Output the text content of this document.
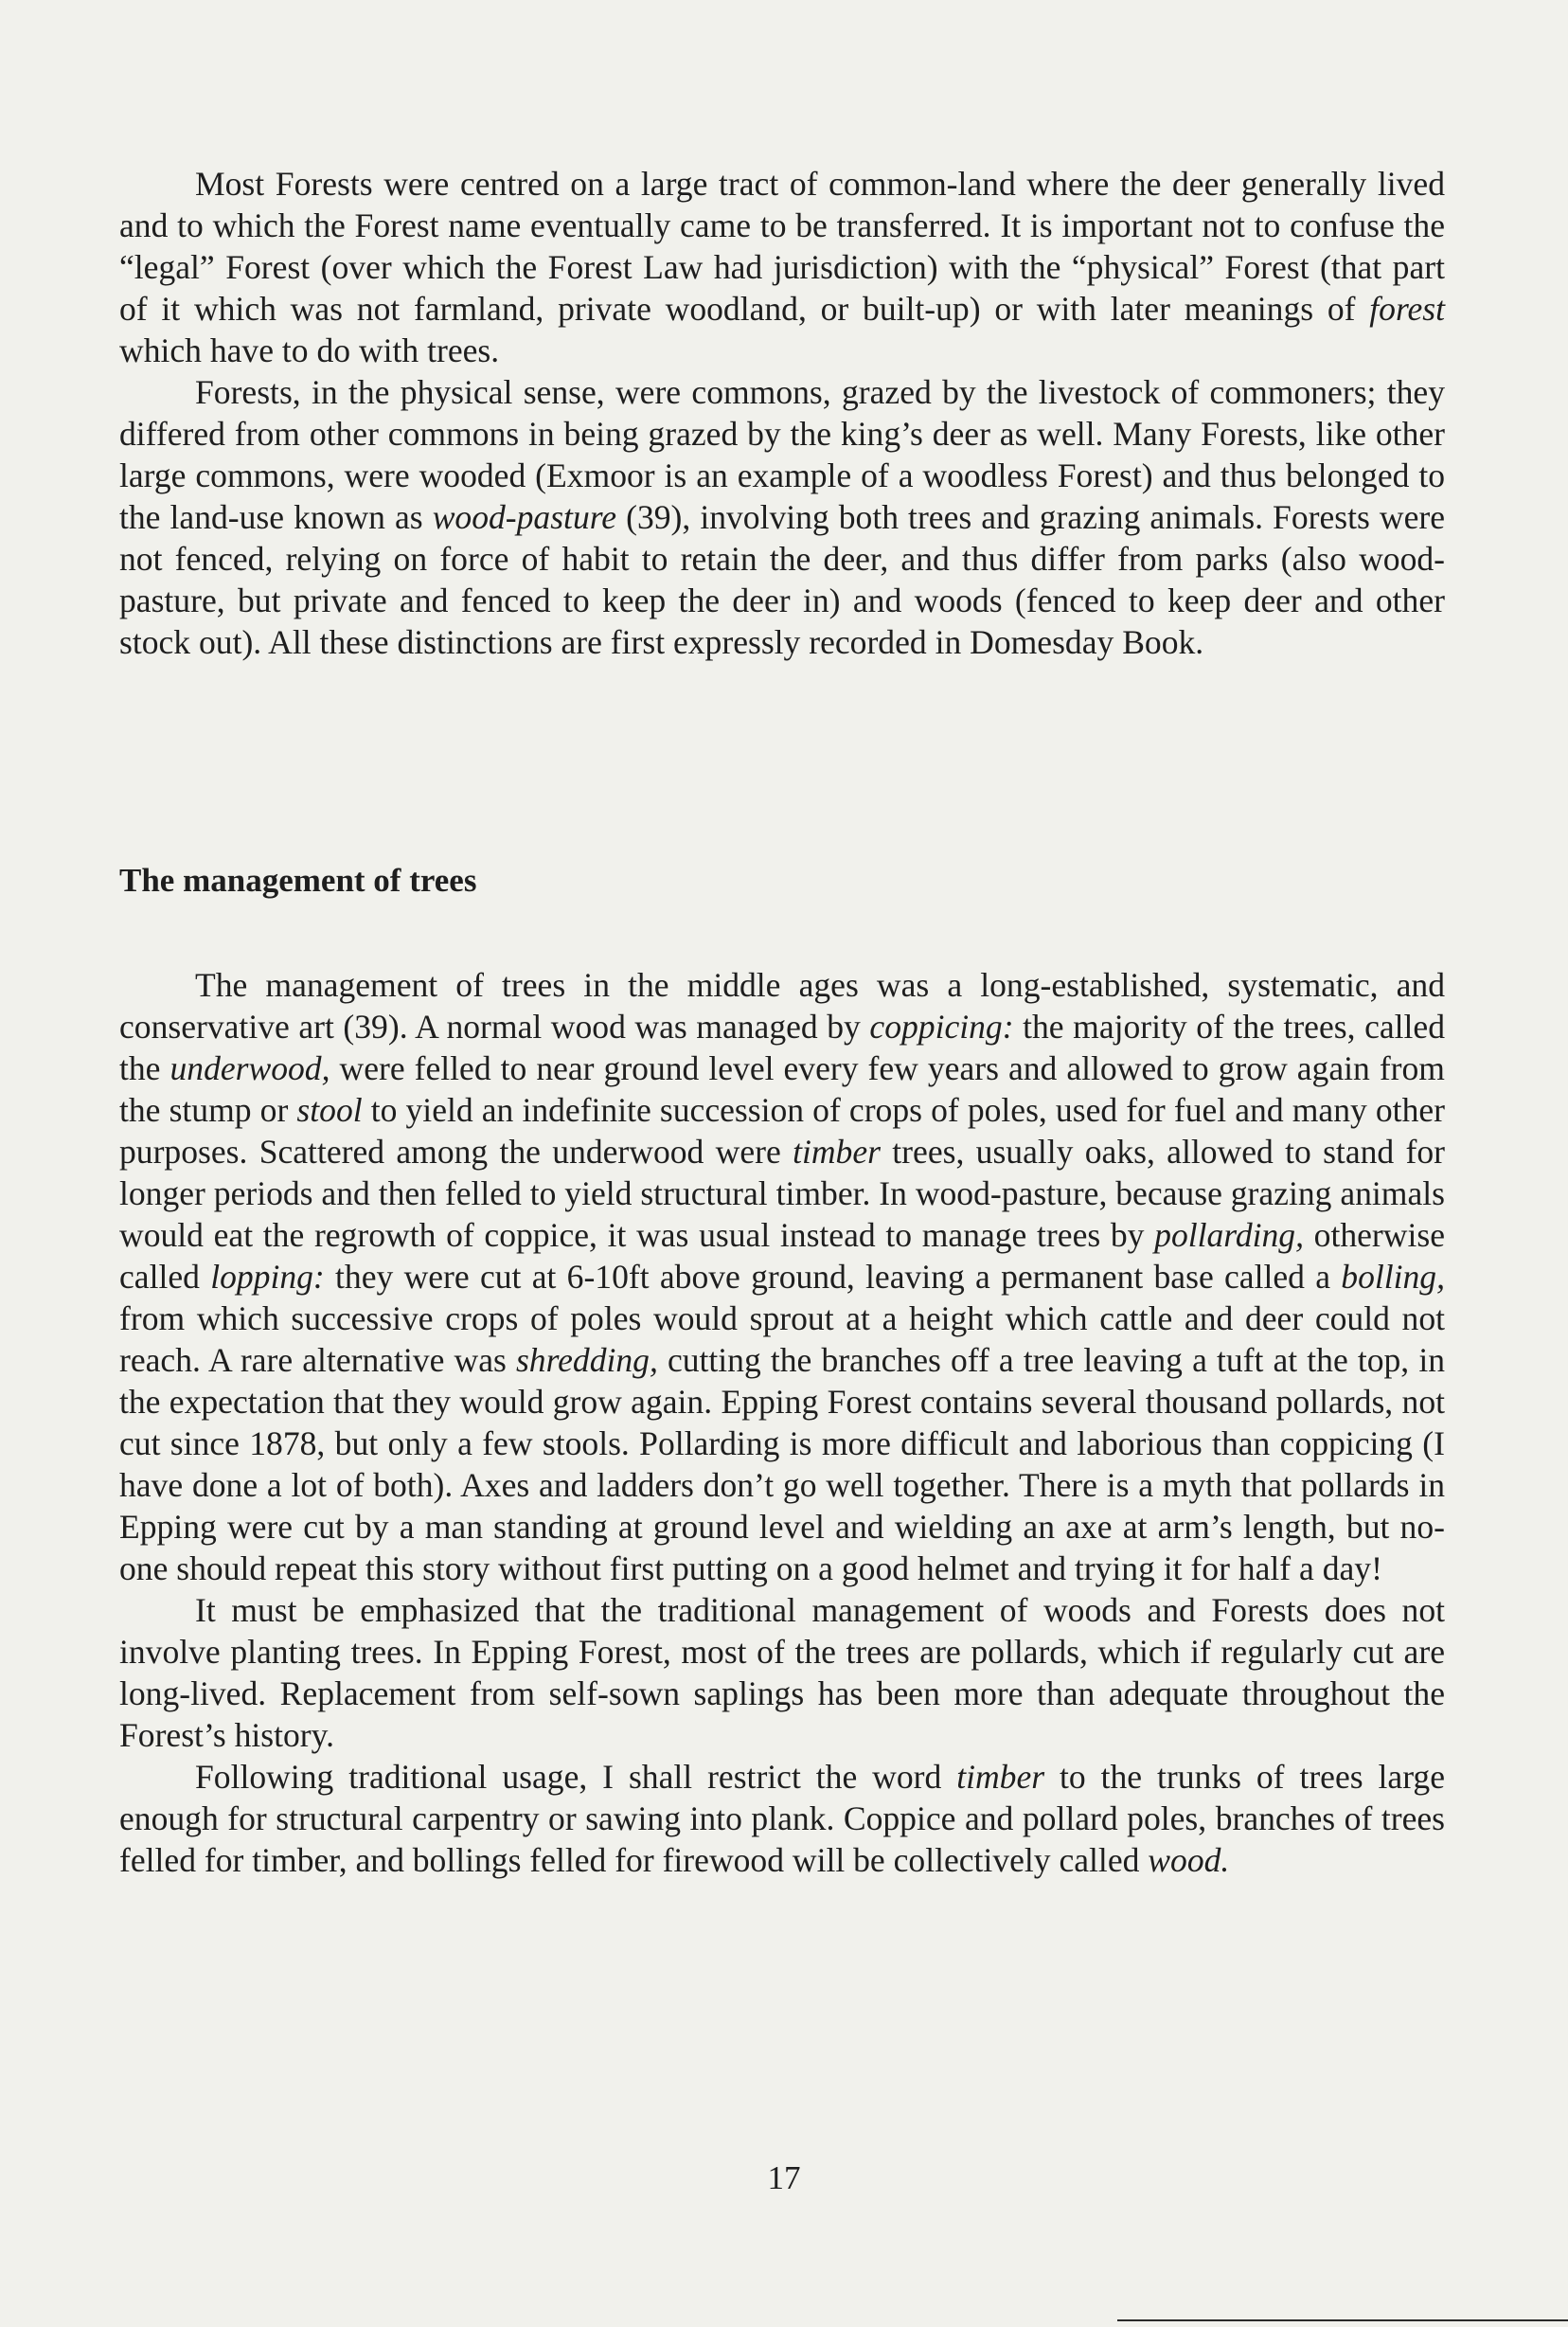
Most Forests were centred on a large tract of common-land where the deer generally lived and to which the Forest name eventually came to be transferred. It is important not to confuse the “legal” Forest (over which the Forest Law had jurisdiction) with the “physical” Forest (that part of it which was not farmland, private woodland, or built-up) or with later meanings of forest which have to do with trees.

Forests, in the physical sense, were commons, grazed by the livestock of commoners; they differed from other commons in being grazed by the king’s deer as well. Many Forests, like other large commons, were wooded (Exmoor is an example of a woodless Forest) and thus belonged to the land-use known as wood-pasture (39), involving both trees and grazing animals. Forests were not fenced, relying on force of habit to retain the deer, and thus differ from parks (also wood-pasture, but private and fenced to keep the deer in) and woods (fenced to keep deer and other stock out). All these distinctions are first expressly recorded in Domesday Book.

The management of trees

The management of trees in the middle ages was a long-established, systematic, and conservative art (39). A normal wood was managed by coppicing: the majority of the trees, called the underwood, were felled to near ground level every few years and allowed to grow again from the stump or stool to yield an indefinite succession of crops of poles, used for fuel and many other purposes. Scattered among the underwood were timber trees, usually oaks, allowed to stand for longer periods and then felled to yield structural timber. In wood-pasture, because grazing animals would eat the regrowth of coppice, it was usual instead to manage trees by pollarding, otherwise called lopping: they were cut at 6-10ft above ground, leaving a permanent base called a bolling, from which successive crops of poles would sprout at a height which cattle and deer could not reach. A rare alternative was shredding, cutting the branches off a tree leaving a tuft at the top, in the expectation that they would grow again. Epping Forest contains several thousand pollards, not cut since 1878, but only a few stools. Pollarding is more difficult and laborious than coppicing (I have done a lot of both). Axes and ladders don’t go well together. There is a myth that pollards in Epping were cut by a man standing at ground level and wielding an axe at arm’s length, but no-one should repeat this story without first putting on a good helmet and trying it for half a day!

It must be emphasized that the traditional management of woods and Forests does not involve planting trees. In Epping Forest, most of the trees are pollards, which if regularly cut are long-lived. Replacement from self-sown saplings has been more than adequate throughout the Forest’s history.

Following traditional usage, I shall restrict the word timber to the trunks of trees large enough for structural carpentry or sawing into plank. Coppice and pollard poles, branches of trees felled for timber, and bollings felled for firewood will be collectively called wood.

17
